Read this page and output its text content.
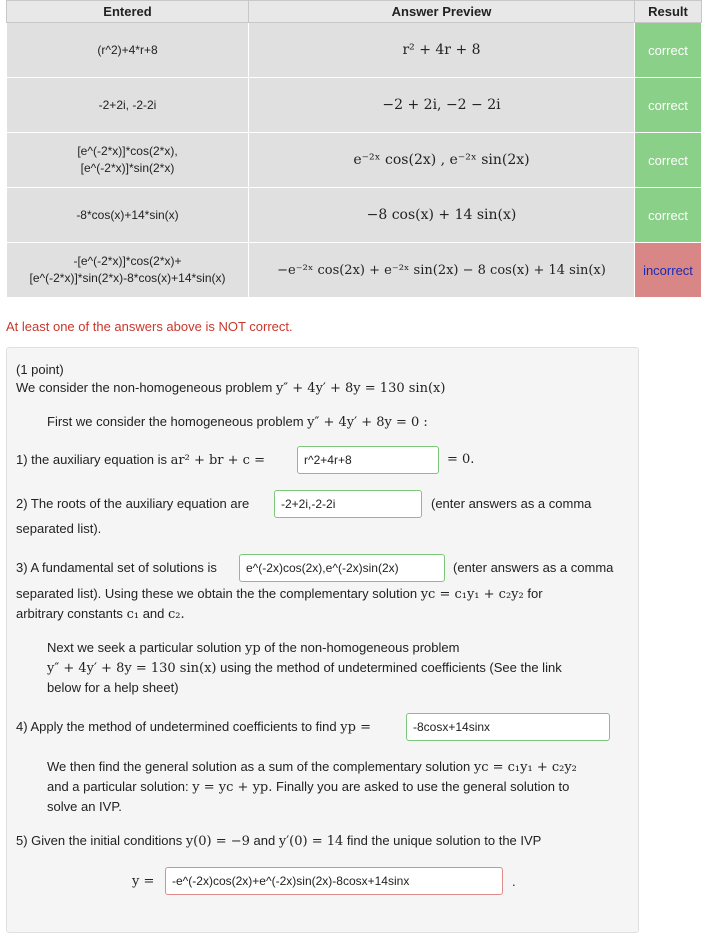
Entered	Answer Preview	Result
(r^2)+4*r+8	r² + 4r + 8	correct
-2+2i, -2-2i	−2 + 2i, −2 − 2i	correct
[e^(-2*x)]*cos(2*x),
[e^(-2*x)]*sin(2*x)	e⁻²ˣ cos(2x) , e⁻²ˣ sin(2x)	correct
-8*cos(x)+14*sin(x)	−8 cos(x) + 14 sin(x)	correct
-[e^(-2*x)]*cos(2*x)+
[e^(-2*x)]*sin(2*x)-8*cos(x)+14*sin(x)	−e⁻²ˣ cos(2x) + e⁻²ˣ sin(2x) − 8 cos(x) + 14 sin(x)	incorrect
At least one of the answers above is NOT correct.
(1 point)
We consider the non-homogeneous problem y″ + 4y′ + 8y = 130 sin(x)
First we consider the homogeneous problem y″ + 4y′ + 8y = 0 :
1) the auxiliary equation is ar² + br + c =	r^2+4r+8	= 0.
2) The roots of the auxiliary equation are	-2+2i,-2-2i	(enter answers as a comma
separated list).
3) A fundamental set of solutions is	e^(-2x)cos(2x),e^(-2x)sin(2x)	(enter answers as a comma
separated list). Using these we obtain the the complementary solution yc = c₁y₁ + c₂y₂ for
arbitrary constants c₁ and c₂.
Next we seek a particular solution yp of the non-homogeneous problem
y″ + 4y′ + 8y = 130 sin(x) using the method of undetermined coefficients (See the link
below for a help sheet)
4) Apply the method of undetermined coefficients to find yp =	-8cosx+14sinx
We then find the general solution as a sum of the complementary solution yc = c₁y₁ + c₂y₂
and a particular solution: y = yc + yp. Finally you are asked to use the general solution to
solve an IVP.
5) Given the initial conditions y(0) = −9 and y′(0) = 14 find the unique solution to the IVP
y =	-e^(-2x)cos(2x)+e^(-2x)sin(2x)-8cosx+14sinx	.
